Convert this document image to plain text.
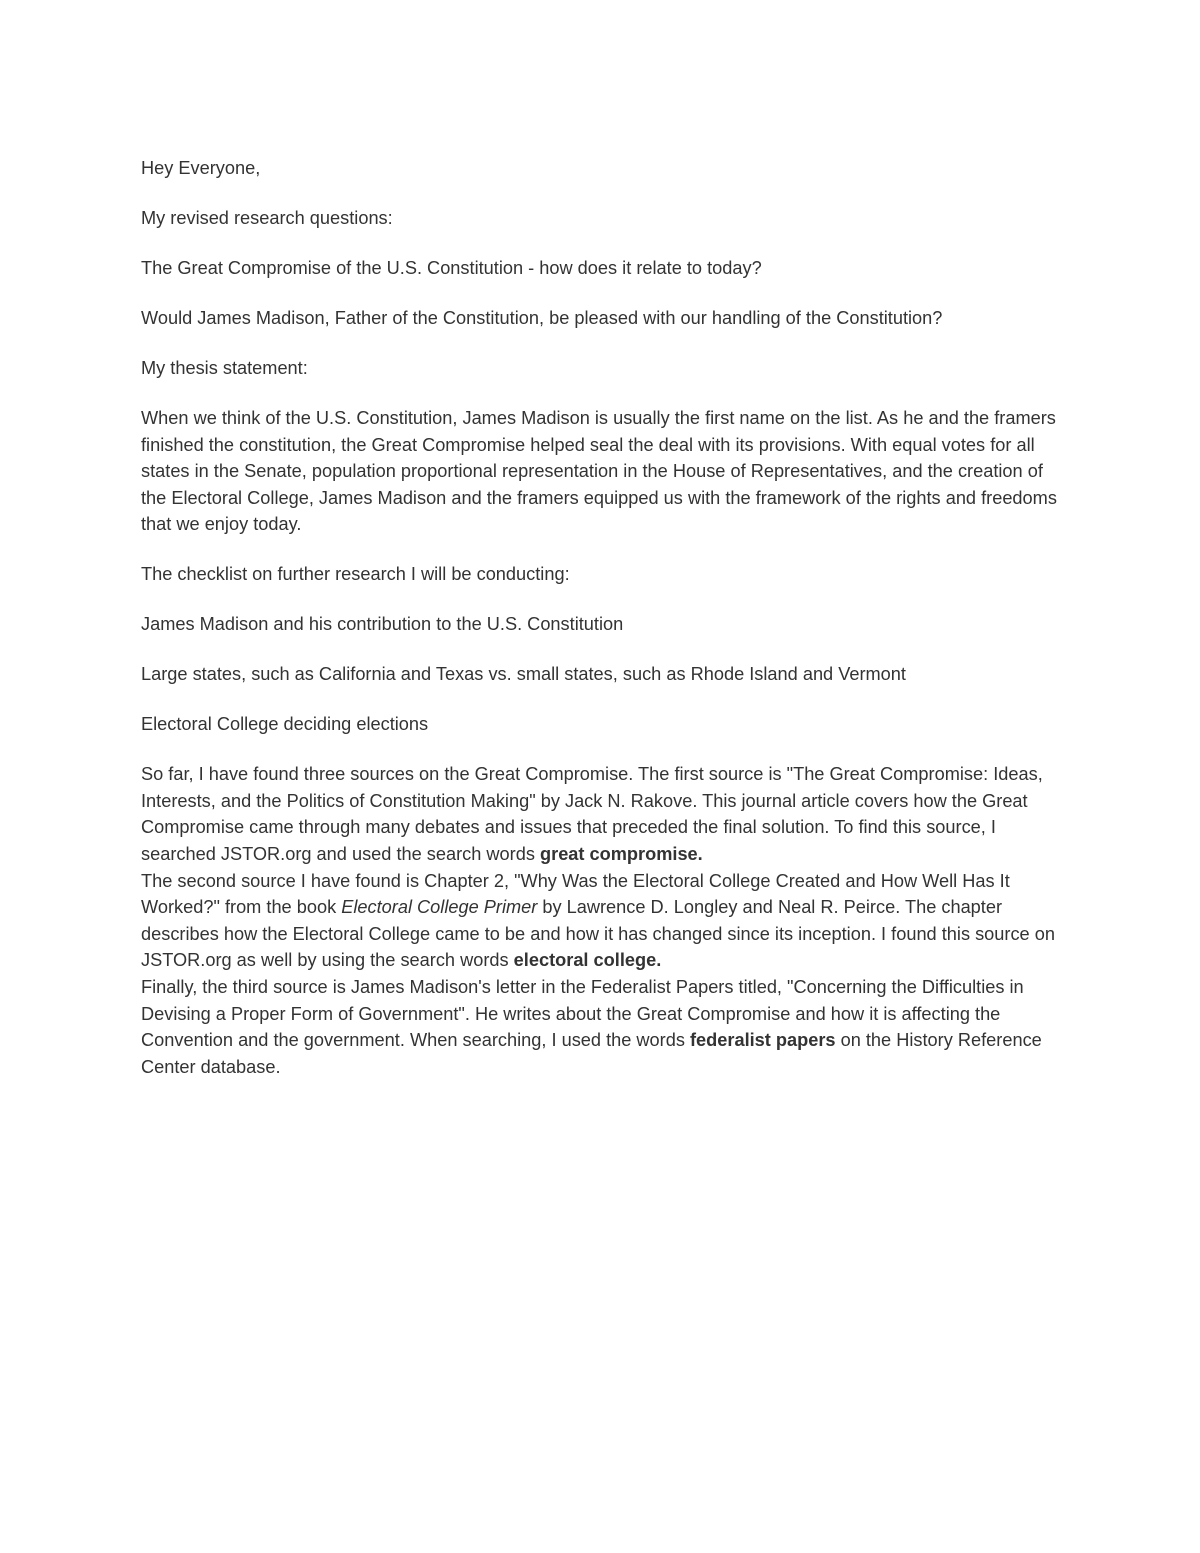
Hey Everyone,

My revised research questions:

The Great Compromise of the U.S. Constitution - how does it relate to today?

Would James Madison, Father of the Constitution, be pleased with our handling of the Constitution?

My thesis statement:

When we think of the U.S. Constitution, James Madison is usually the first name on the list. As he and the framers finished the constitution, the Great Compromise helped seal the deal with its provisions. With equal votes for all states in the Senate, population proportional representation in the House of Representatives, and the creation of the Electoral College, James Madison and the framers equipped us with the framework of the rights and freedoms that we enjoy today.

The checklist on further research I will be conducting:

James Madison and his contribution to the U.S. Constitution

Large states, such as California and Texas vs. small states, such as Rhode Island and Vermont

Electoral College deciding elections

So far, I have found three sources on the Great Compromise. The first source is "The Great Compromise: Ideas, Interests, and the Politics of Constitution Making" by Jack N. Rakove. This journal article covers how the Great Compromise came through many debates and issues that preceded the final solution. To find this source, I searched JSTOR.org and used the search words great compromise.

The second source I have found is Chapter 2, "Why Was the Electoral College Created and How Well Has It Worked?" from the book Electoral College Primer by Lawrence D. Longley and Neal R. Peirce. The chapter describes how the Electoral College came to be and how it has changed since its inception. I found this source on JSTOR.org as well by using the search words electoral college.

Finally, the third source is James Madison's letter in the Federalist Papers titled, "Concerning the Difficulties in Devising a Proper Form of Government". He writes about the Great Compromise and how it is affecting the Convention and the government. When searching, I used the words federalist papers on the History Reference Center database.
